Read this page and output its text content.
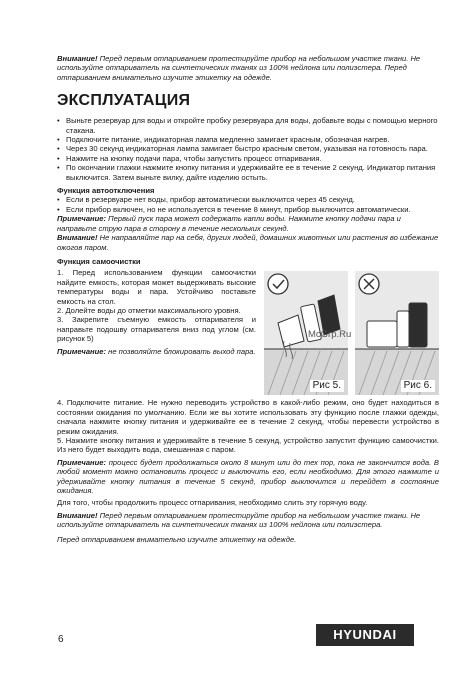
Внимание! Перед первым отпариванием протестируйте прибор на небольшом участке ткани. Не используйте отпариватель на синтетических тканях из 100% нейлона или полиэстера. Перед отпариванием внимательно изучите этикетку на одежде.

ЭКСПЛУАТАЦИЯ
• Выньте резервуар для воды и откройте пробку резервуара для воды, добавьте воды с помощью мерного стакана.
• Подключите питание, индикаторная лампа медленно замигает красным, обозначая нагрев.
• Через 30 секунд индикаторная лампа замигает быстро красным светом, указывая на готовность пара.
• Нажмите на кнопку подачи пара, чтобы запустить процесс отпаривания.
• По окончании глажки нажмите кнопку питания и удерживайте ее в течение 2 секунд. Индикатор питания выключится. Затем выньте вилку, дайте изделию остыть.

Функция автоотключения

• Если в резервуаре нет воды, прибор автоматически выключится через 45 секунд.
• Если прибор включен, но не используется в течение 8 минут, прибор выключится автоматически.

Примечание: Первый пуск пара может содержать капли воды. Нажмите кнопку подачи пара и направьте струю пара в сторону в течение нескольких секунд.

Внимание! Не направляйте пар на себя, других людей, домашних животных или растения во избежание ожогов паром.

Функция самоочистки

1. Перед использованием функции самоочистки найдите емкость, которая может выдерживать высокие температуры воды и пара. Устойчиво поставьте емкость на стол.

2. Долейте воды до отметки максимального уровня.

3. Закрепите съемную емкость отпаривателя и направьте подошву отпаривателя вниз под углом (см. рисунок 5)

Примечание: не позволяйте блокировать выход пара.

Рис 5.	Рис 6.

4. Подключите питание. Не нужно переводить устройство в какой-либо режим, оно будет находиться в состоянии ожидания по умолчанию. Если же вы хотите использовать эту функцию после глажки одежды, сначала нажмите кнопку питания и удерживайте ее в течение 2 секунд, чтобы перевести устройство в режим ожидания.

5. Нажмите кнопку питания и удерживайте в течение 5 секунд, устройство запустит функцию самоочистки. Из него будет выходить вода, смешанная с паром.

Примечание: процесс будет продолжаться около 8 минут или до тех пор, пока не закончится вода. В любой момент можно остановить процесс и выключить его, если необходимо. Для этого нажмите и удерживайте кнопку питания в течение 5 секунд, прибор выключится и перейдет в состояние ожидания.

Для того, чтобы продолжить процесс отпаривания, необходимо слить эту горячую воду.

Внимание! Перед первым отпариванием протестируйте прибор на небольшом участке ткани. Не используйте отпариватель на синтетических тканях из 100% нейлона или полиэстера.

Перед отпариванием внимательно изучите этикетку на одежде.

McGrp.Ru
6	HYUNDAI
